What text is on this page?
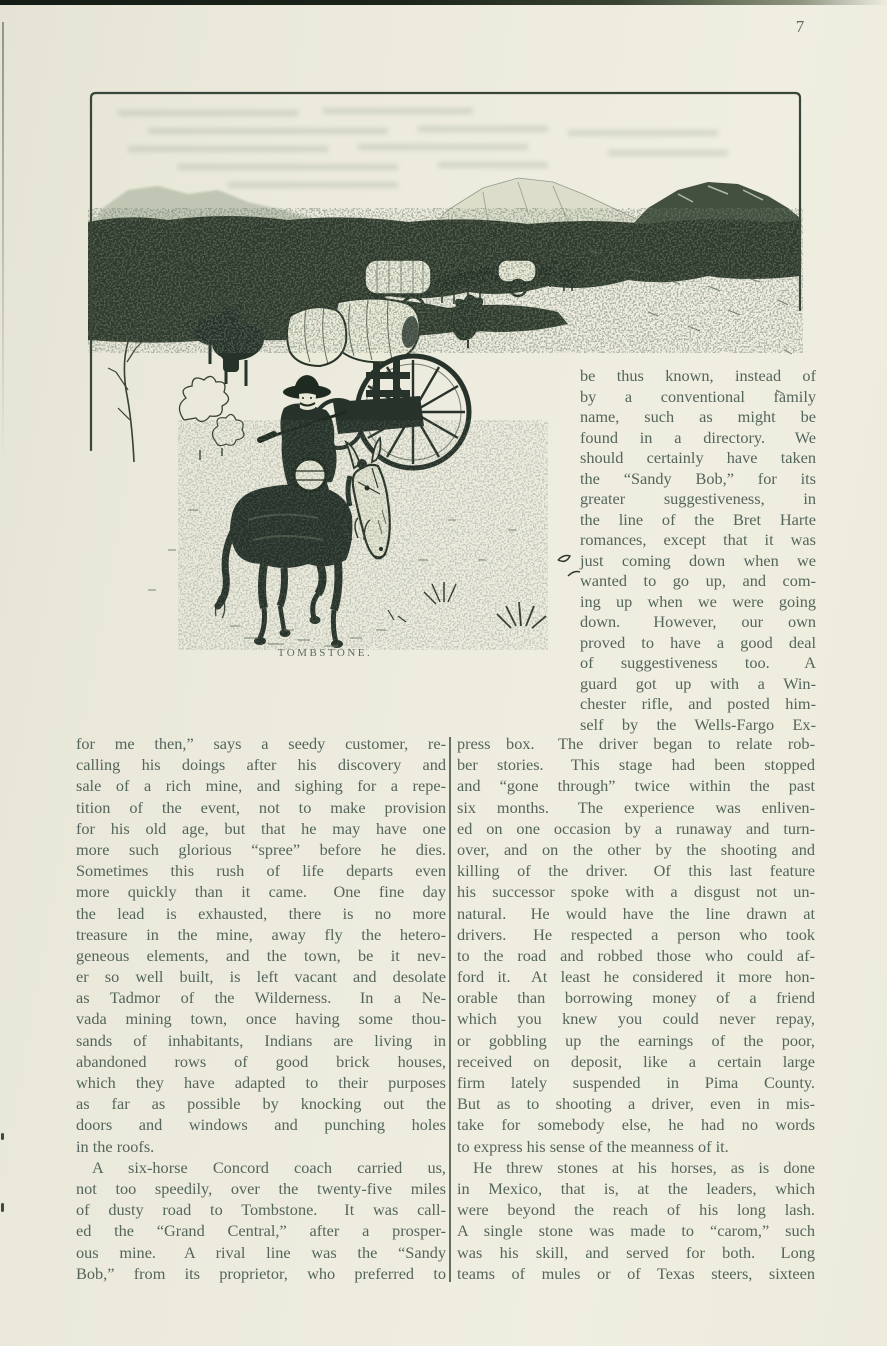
7
TOMBSTONE.
be thus known, instead of
by a conventional family
name, such as might be
found in a directory.  We
should certainly have taken
the “Sandy Bob,” for its
greater suggestiveness, in
the line of the Bret Harte
romances, except that it was
just coming down when we
wanted to go up, and com-
ing up when we were going
down.  However, our own
proved to have a good deal
of suggestiveness too.  A
guard got up with a Win-
chester rifle, and posted him-
self by the Wells-Fargo Ex-
for me then,” says a seedy customer, re-
calling his doings after his discovery and
sale of a rich mine, and sighing for a repe-
tition of the event, not to make provision
for his old age, but that he may have one
more such glorious “spree” before he dies.
Sometimes this rush of life departs even
more quickly than it came.  One fine day
the lead is exhausted, there is no more
treasure in the mine, away fly the hetero-
geneous elements, and the town, be it nev-
er so well built, is left vacant and desolate
as Tadmor of the Wilderness.  In a Ne-
vada mining town, once having some thou-
sands of inhabitants, Indians are living in
abandoned rows of good brick houses,
which they have adapted to their purposes
as far as possible by knocking out the
doors and windows and punching holes
in the roofs.
A six-horse Concord coach carried us,
not too speedily, over the twenty-five miles
of dusty road to Tombstone.  It was call-
ed the “Grand Central,” after a prosper-
ous mine.  A rival line was the “Sandy
Bob,” from its proprietor, who preferred to
press box.  The driver began to relate rob-
ber stories.  This stage had been stopped
and “gone through” twice within the past
six months.  The experience was enliven-
ed on one occasion by a runaway and turn-
over, and on the other by the shooting and
killing of the driver.  Of this last feature
his successor spoke with a disgust not un-
natural.  He would have the line drawn at
drivers.  He respected a person who took
to the road and robbed those who could af-
ford it.  At least he considered it more hon-
orable than borrowing money of a friend
which you knew you could never repay,
or gobbling up the earnings of the poor,
received on deposit, like a certain large
firm lately suspended in Pima County.
But as to shooting a driver, even in mis-
take for somebody else, he had no words
to express his sense of the meanness of it.
He threw stones at his horses, as is done
in Mexico, that is, at the leaders, which
were beyond the reach of his long lash.
A single stone was made to “carom,” such
was his skill, and served for both.  Long
teams of mules or of Texas steers, sixteen
